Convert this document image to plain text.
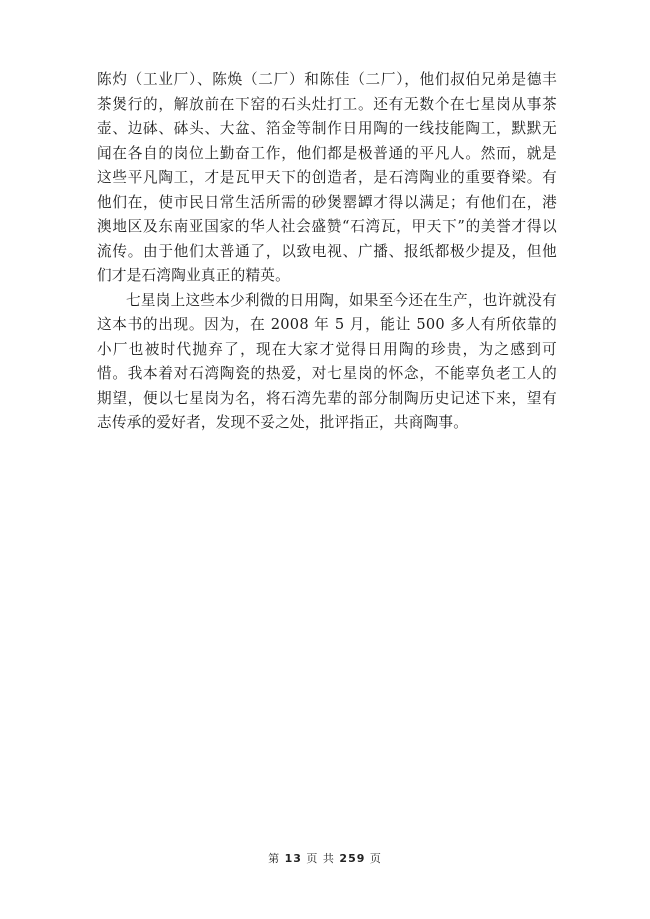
陈灼（工业厂）、陈焕（二厂）和陈佳（二厂），他们叔伯兄弟是德丰茶煲行的，解放前在下窑的石头灶打工。还有无数个在七星岗从事茶壶、边砵、砵头、大盆、箔金等制作日用陶的一线技能陶工，默默无闻在各自的岗位上勤奋工作，他们都是极普通的平凡人。然而，就是这些平凡陶工，才是瓦甲天下的创造者，是石湾陶业的重要脊梁。有他们在，使市民日常生活所需的砂煲罂罈才得以满足；有他们在，港澳地区及东南亚国家的华人社会盛赞“石湾瓦，甲天下”的美誉才得以流传。由于他们太普通了，以致电视、广播、报纸都极少提及，但他们才是石湾陶业真正的精英。

七星岗上这些本少利微的日用陶，如果至今还在生产，也许就没有这本书的出现。因为，在 2008 年 5 月，能让 500 多人有所依靠的小厂也被时代抛弃了，现在大家才觉得日用陶的珍贵，为之感到可惜。我本着对石湾陶瓷的热爱，对七星岗的怀念，不能辜负老工人的期望，便以七星岗为名，将石湾先辈的部分制陶历史记述下来，望有志传承的爱好者，发现不妥之处，批评指正，共商陶事。

第 13 页 共 259 页
